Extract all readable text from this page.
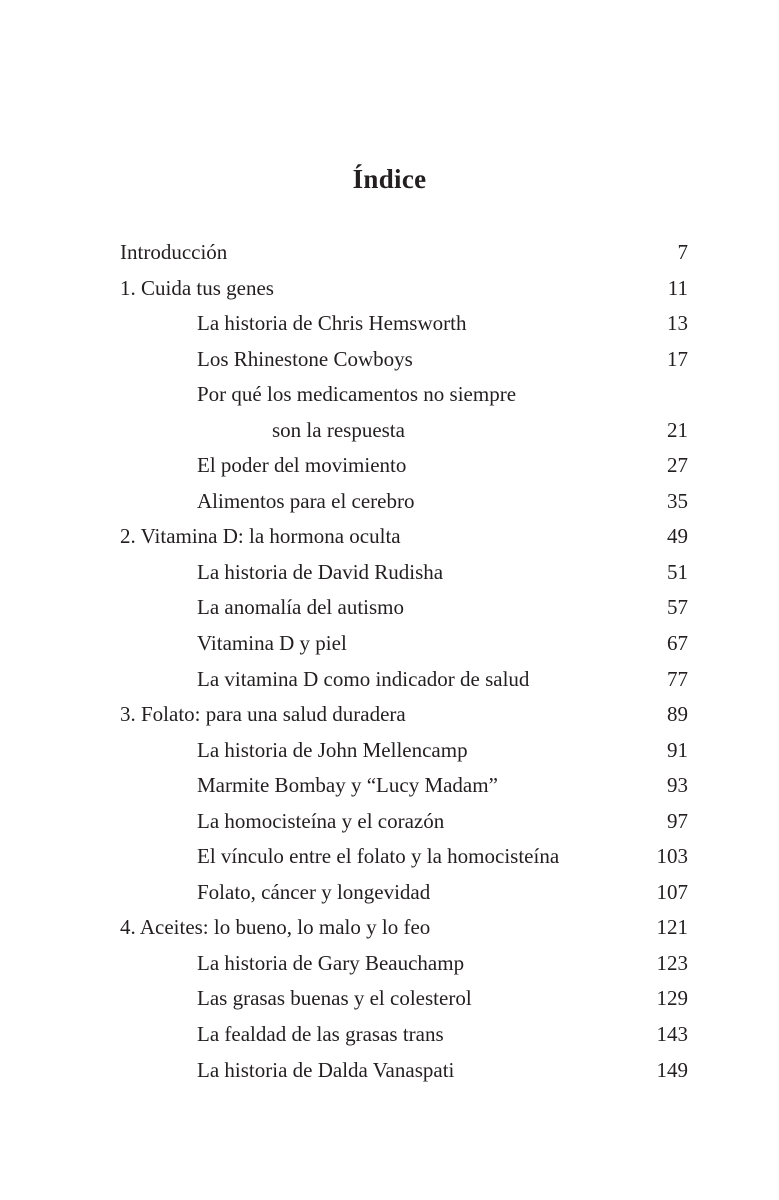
Índice
Introducción	7
1. Cuida tus genes	11
La historia de Chris Hemsworth	13
Los Rhinestone Cowboys	17
Por qué los medicamentos no siempre
son la respuesta	21
El poder del movimiento	27
Alimentos para el cerebro	35
2. Vitamina D: la hormona oculta	49
La historia de David Rudisha	51
La anomalía del autismo	57
Vitamina D y piel	67
La vitamina D como indicador de salud	77
3. Folato: para una salud duradera	89
La historia de John Mellencamp	91
Marmite Bombay y “Lucy Madam”	93
La homocisteína y el corazón	97
El vínculo entre el folato y la homocisteína	103
Folato, cáncer y longevidad	107
4. Aceites: lo bueno, lo malo y lo feo	121
La historia de Gary Beauchamp	123
Las grasas buenas y el colesterol	129
La fealdad de las grasas trans	143
La historia de Dalda Vanaspati	149
